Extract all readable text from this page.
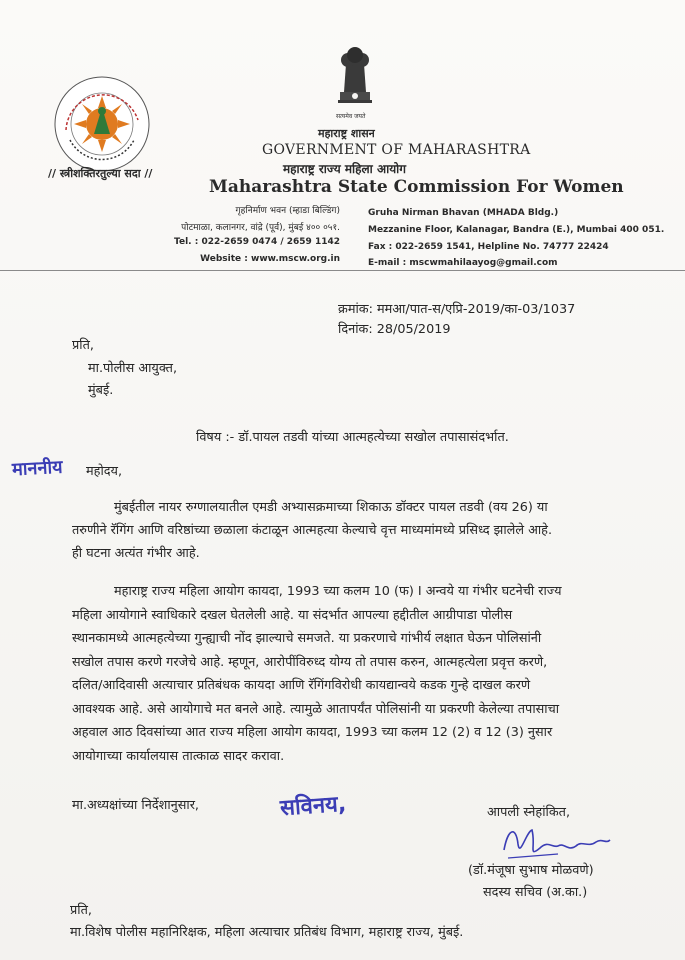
// स्त्रीशक्तिरतुल्या सदा //
सत्यमेव जयते
महाराष्ट्र शासन
GOVERNMENT OF MAHARASHTRA
महाराष्ट्र राज्य महिला आयोग
Maharashtra State Commission For Women
गृहनिर्माण भवन (म्हाडा बिल्डिंग)
पोटमाळा, कलानगर, वांद्रे (पूर्व), मुंबई ४०० ०५१.
Tel. : 022-2659 0474 / 2659 1142
Website : www.mscw.org.in
Gruha Nirman Bhavan (MHADA Bldg.)
Mezzanine Floor, Kalanagar, Bandra (E.), Mumbai 400 051.
Fax : 022-2659 1541, Helpline No. 74777 22424
E-mail : mscwmahilaayog@gmail.com
क्रमांक: ममआ/पात-स/एप्रि-2019/का-03/1037
दिनांक: 28/05/2019
प्रति,
मा.पोलीस आयुक्त,
मुंबई.
विषय :- डॉ.पायल तडवी यांच्या आत्महत्येच्या सखोल तपासासंदर्भात.
माननीय महोदय,
मुंबईतील नायर रुग्णालयातील एमडी अभ्यासक्रमाच्या शिकाऊ डॉक्टर पायल तडवी (वय 26) या
तरुणीने रॅगिंग आणि वरिष्ठांच्या छळाला कंटाळून आत्महत्या केल्याचे वृत्त माध्यमांमध्ये प्रसिध्द झालेले आहे.
ही घटना अत्यंत गंभीर आहे.
महाराष्ट्र राज्य महिला आयोग कायदा, 1993 च्या कलम 10 (फ) I अन्वये या गंभीर घटनेची राज्य
महिला आयोगाने स्वाधिकारे दखल घेतलेली आहे. या संदर्भात आपल्या हद्दीतील आग्रीपाडा पोलीस
स्थानकामध्ये आत्महत्येच्या गुन्ह्याची नोंद झाल्याचे समजते. या प्रकरणाचे गांभीर्य लक्षात घेऊन पोलिसांनी
सखोल तपास करणे गरजेचे आहे. म्हणून, आरोपींविरुध्द योग्य तो तपास करुन, आत्महत्येला प्रवृत्त करणे,
दलित/आदिवासी अत्याचार प्रतिबंधक कायदा आणि रॅगिंगविरोधी कायद्यान्वये कडक गुन्हे दाखल करणे
आवश्यक आहे. असे आयोगाचे मत बनले आहे. त्यामुळे आतापर्यंत पोलिसांनी या प्रकरणी केलेल्या तपासाचा
अहवाल आठ दिवसांच्या आत राज्य महिला आयोग कायदा, 1993 च्या कलम 12 (2) व 12 (3) नुसार
आयोगाच्या कार्यालयास तात्काळ सादर करावा.
मा.अध्यक्षांच्या निर्देशानुसार,	सविनय,	आपली स्नेहांकित,
(डॉ.मंजूषा सुभाष मोळवणे)
सदस्य सचिव (अ.का.)
प्रति,
मा.विशेष पोलीस महानिरिक्षक, महिला अत्याचार प्रतिबंध विभाग, महाराष्ट्र राज्य, मुंबई.
